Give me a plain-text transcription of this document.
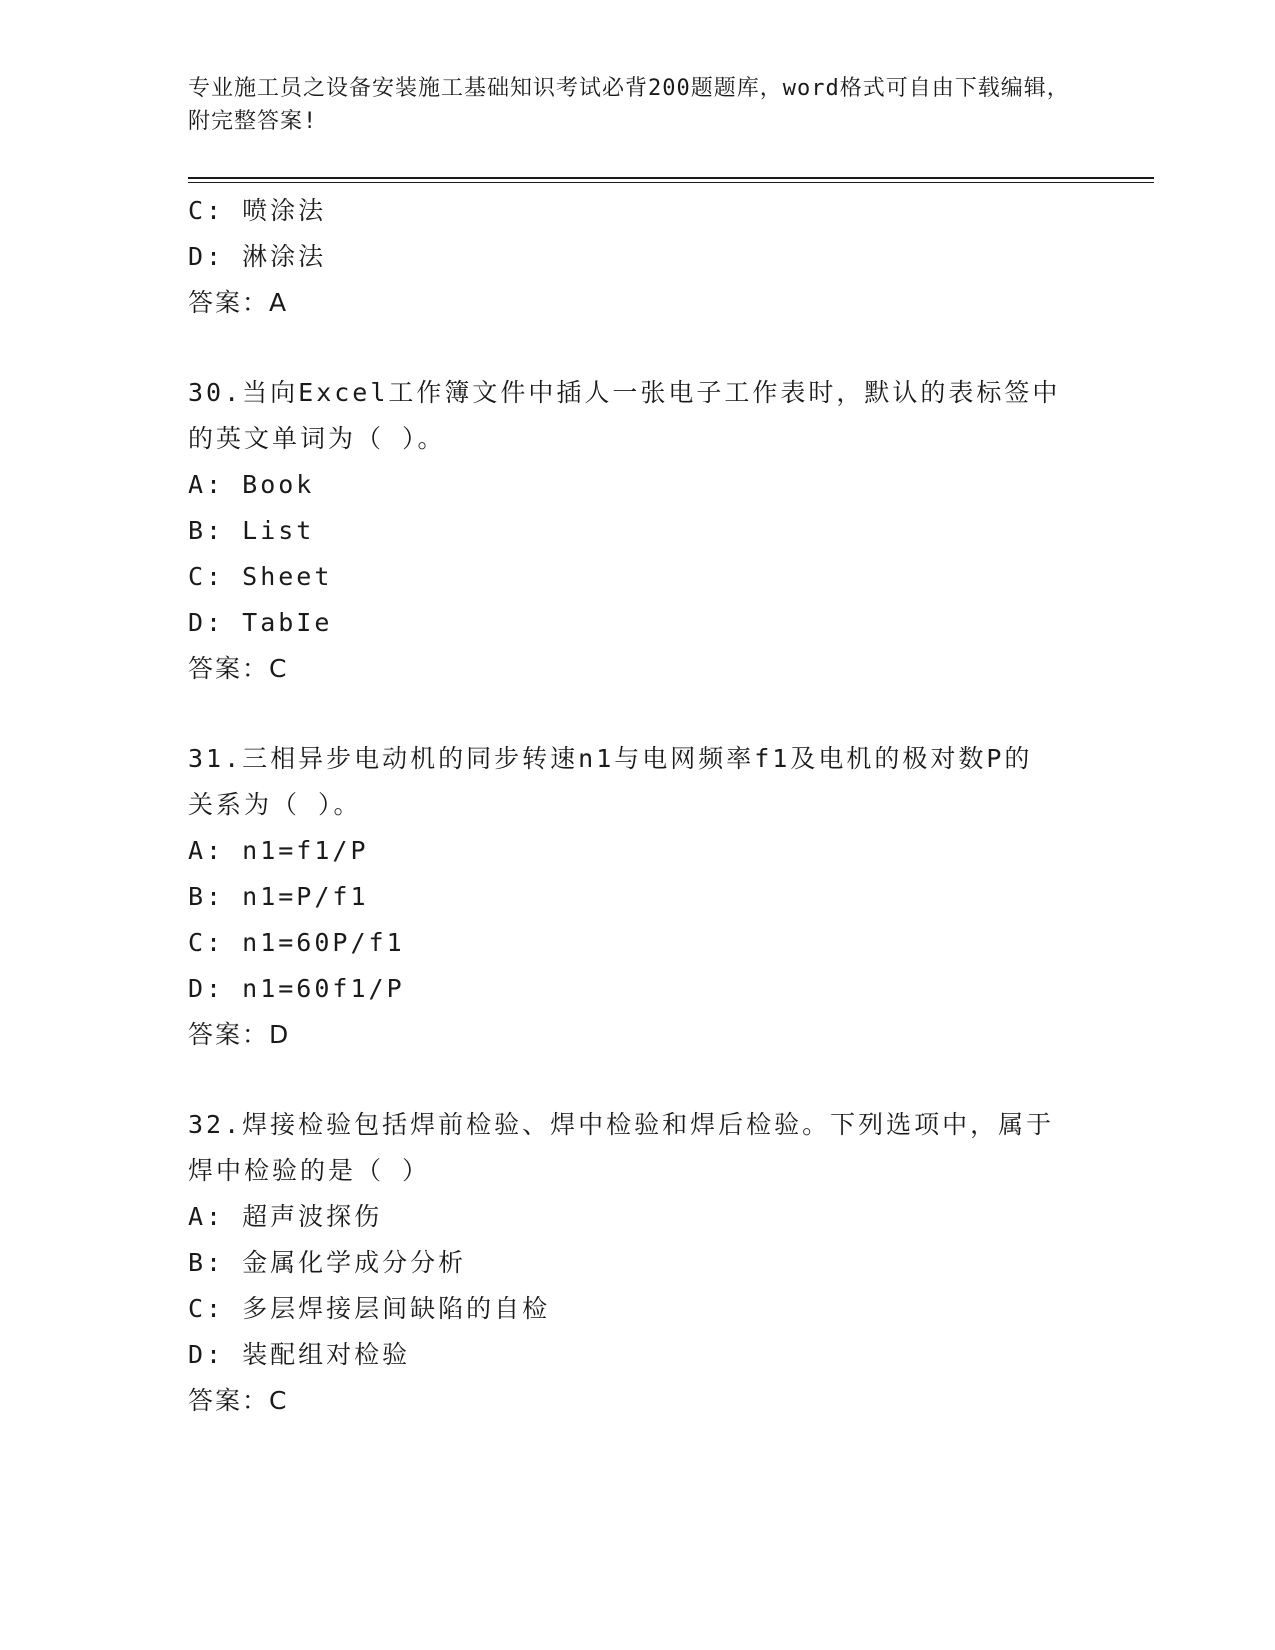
专业施工员之设备安装施工基础知识考试必背200题题库，word格式可自由下载编辑，附完整答案!
C: 喷涂法
D: 淋涂法
答案：A
30.当向Excel工作簿文件中插人一张电子工作表时，默认的表标签中
的英文单词为（ ）。
A: Book
B: List
C: Sheet
D: TabIe
答案：C
31.三相异步电动机的同步转速n1与电网频率f1及电机的极对数P的
关系为（ ）。
A: n1=f1/P
B: n1=P/f1
C: n1=60P/f1
D: n1=60f1/P
答案：D
32.焊接检验包括焊前检验、焊中检验和焊后检验。下列选项中，属于
焊中检验的是（ ）
A: 超声波探伤
B: 金属化学成分分析
C: 多层焊接层间缺陷的自检
D: 装配组对检验
答案：C
